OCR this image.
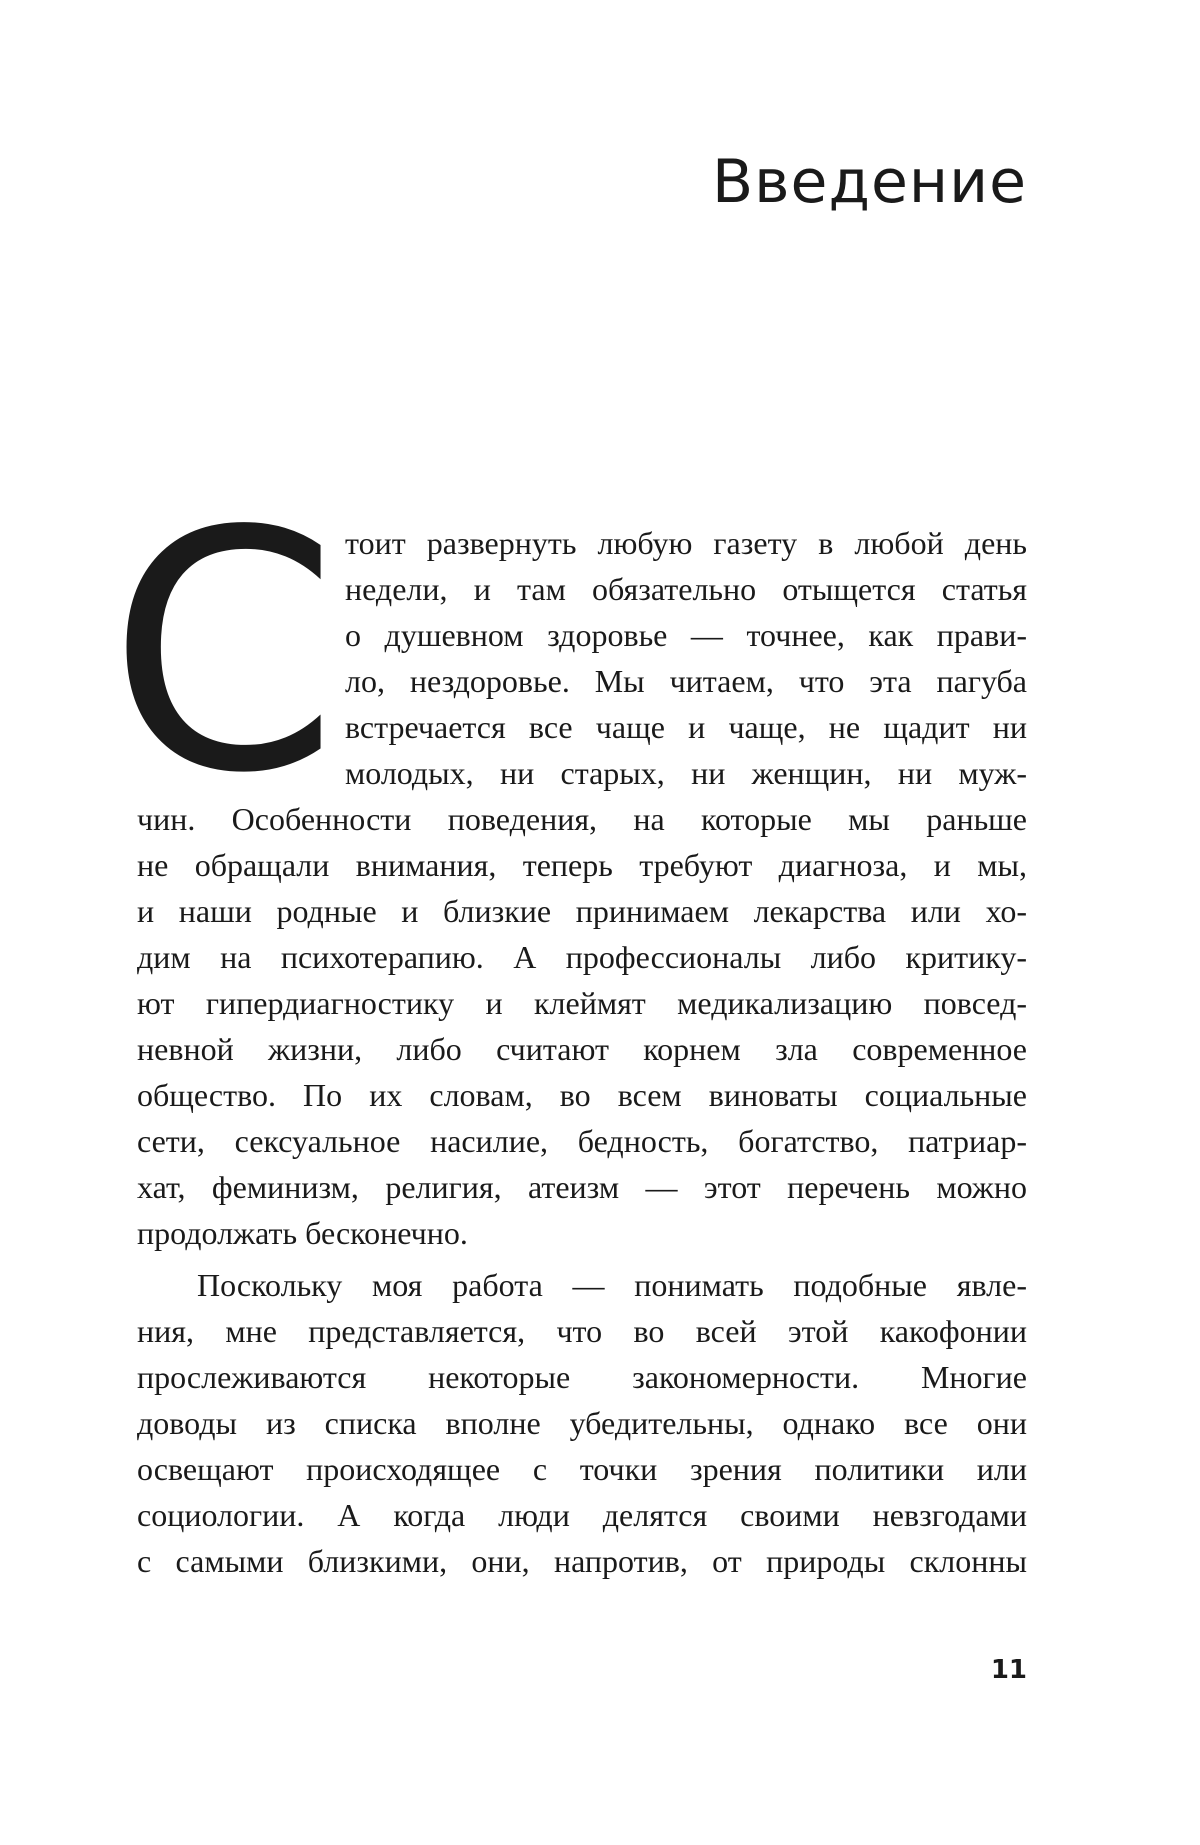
Введение
С тоит развернуть любую газету в любой день
недели, и там обязательно отыщется статья
о душевном здоровье — точнее, как прави-
ло, нездоровье. Мы читаем, что эта пагуба
встречается все чаще и чаще, не щадит ни
молодых, ни старых, ни женщин, ни муж-
чин. Особенности поведения, на которые мы раньше
не обращали внимания, теперь требуют диагноза, и мы,
и наши родные и близкие принимаем лекарства или хо-
дим на психотерапию. А профессионалы либо критику-
ют гипердиагностику и клеймят медикализацию повсед-
невной жизни, либо считают корнем зла современное
общество. По их словам, во всем виноваты социальные
сети, сексуальное насилие, бедность, богатство, патриар-
хат, феминизм, религия, атеизм — этот перечень можно
продолжать бесконечно.
Поскольку моя работа — понимать подобные явле-
ния, мне представляется, что во всей этой какофонии
прослеживаются некоторые закономерности. Многие
доводы из списка вполне убедительны, однако все они
освещают происходящее с точки зрения политики или
социологии. А когда люди делятся своими невзгодами
с самыми близкими, они, напротив, от природы склонны
11
